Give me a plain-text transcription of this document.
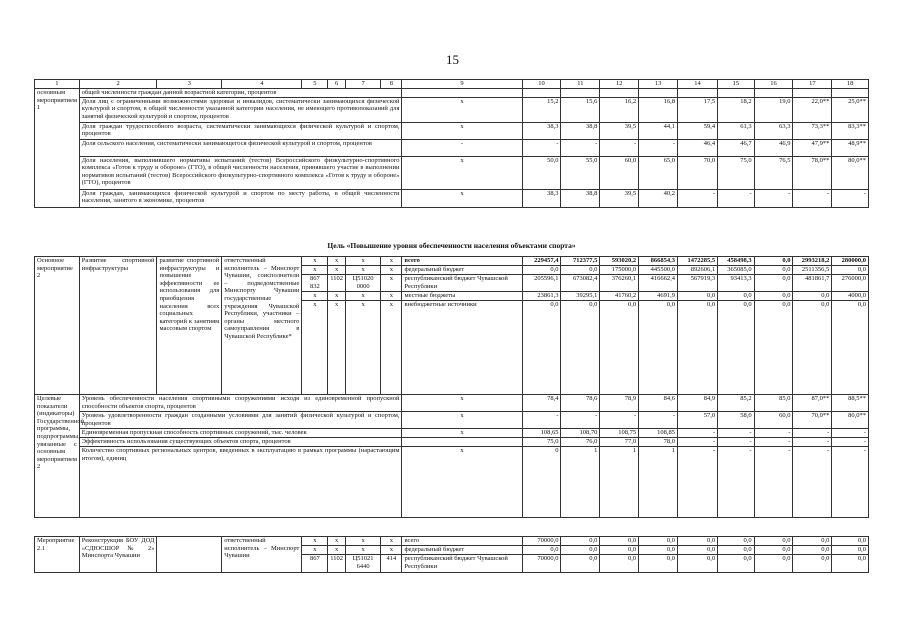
15
1	2	3	4	5	6	7	8	9	10	11	12	13	14	15	16	17	18
основным мероприятием 1	общей численности граждан данной возрастной категории, процентов																
	Доля лиц с ограниченными возможностями здоровья и инвалидов, систематически занимающихся физической культурой и спортом, в общей численности указанной категории населения, не имеющего противопоказаний для занятий физической культурой и спортом, процентов							х	15,2	15,6	16,2	16,8	17,5	18,2	19,0	22,0**	25,0**
	Доля граждан трудоспособного возраста, систематически занимающихся физической культурой и спортом, процентов							х	38,3	38,8	39,5	44,1	59,4	61,3	63,3	73,3**	83,3**
	Доля сельского населения, систематически занимающегося физической культурой и спортом, процентов							-	-	-	-	-	46,4	46,7	46,9	47,9**	48,9**
	Доля населения, выполнившего нормативы испытаний (тестов) Всероссийского физкультурно-спортивного комплекса «Готов к труду и обороне» (ГТО), в общей численности населения, принявшего участие в выполнении нормативов испытаний (тестов) Всероссийского физкультурно-спортивного комплекса «Готов к труду и обороне» (ГТО), процентов							х	50,0	55,0	60,0	65,0	70,0	75,0	76,5	78,0**	80,0**
	Доля граждан, занимающихся физической культурой и спортом по месту работы, в общей численности населения, занятого в экономике, процентов							х	38,3	38,8	39,5	40,2	-	-	-	-	-
Цель «Повышение уровня обеспеченности населения объектами спорта»
Основное мероприятие 2	Развитие спортивной инфраструктуры	развитие спортивной инфраструктуры и повышение эффективности ее использования для приобщения населения всех социальных категорий к занятиям массовым спортом	ответственный исполнитель – Минспорт Чувашии, соисполнители – подведомственные Минспорту Чувашии государственные учреждения Чувашской Республики, участники – органы местного самоуправления в Чувашской Республике*	х	х	х	х	всего	229457,4	712377,5	593020,2	866854,3	1472285,5	458498,3	0,0	2993218,2	280000,0
				х	х	х	х	федеральный бюджет	0,0	0,0	175000,0	445500,0	892606,1	365085,0	0,0	2511356,5	0,0
				867 832	1102	Ц51020 0000	х	республиканский бюджет Чувашской Республики	205596,1	673082,4	376260,1	416662,4	567919,3	93413,3	0,0	481861,7	276000,0
				х	х	х	х	местные бюджеты	23861,3	39295,1	41760,2	4691,9	0,0	0,0	0,0	0,0	4000,0
				х	х	х	х	внебюджетные источники	0,0	0,0	0,0	0,0	0,0	0,0	0,0	0,0	0,0
Целевые показатели (индикаторы) Государственной программы, подпрограммы, увязанные с основным мероприятием 2	Уровень обеспеченности населения спортивными сооружениями исходя из единовременной пропускной способности объектов спорта, процентов							х	78,4	78,6	78,9	84,6	84,9	85,2	85,0	87,0**	88,5**
	Уровень удовлетворенности граждан созданными условиями для занятий физической культурой и спортом, процентов							х	-	-	-	-	57,0	58,0	60,0	70,0**	80,0**
	Единовременная пропускная способность спортивных сооружений, тыс. человек							х	108,65	108,70	108,75	108,85	-	-	-	-	-
	Эффективность использования существующих объектов спорта, процентов								75,0	76,0	77,0	78,0	-	-	-	-	-
	Количество спортивных региональных центров, введенных в эксплуатацию в рамках программы (нарастающим итогом), единиц							х	0	1	1	1	-	-	-	-	-
Мероприятие 2.1	Реконструкция БОУ ДОД «СДЮСШОР № 2» Минспорта Чувашии		ответственный исполнитель – Минспорт Чувашии	х	х	х	х	всего	70000,0	0,0	0,0	0,0	0,0	0,0	0,0	0,0	0,0
				х	х	х	х	федеральный бюджет	0,0	0,0	0,0	0,0	0,0	0,0	0,0	0,0	0,0
				867	1102	Ц51021 6440	414	республиканский бюджет Чувашской Республики	70000,0	0,0	0,0	0,0	0,0	0,0	0,0	0,0	0,0
